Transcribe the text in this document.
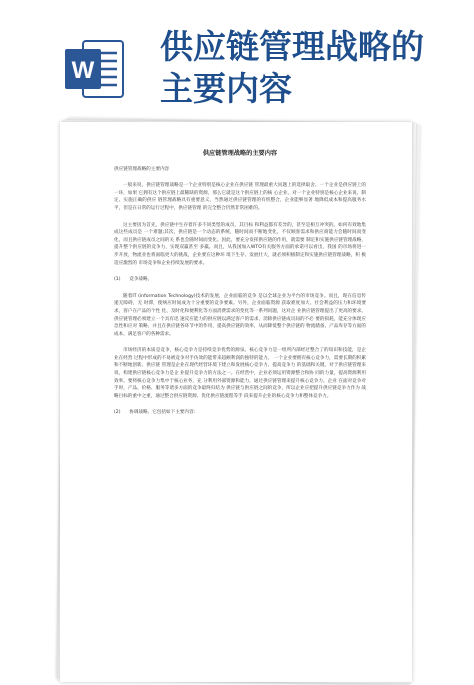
W
供应链管理战略的
主要内容
供应链管理战略的主要内容
供应链管理战略的主要内容

一般来说，供应链管理战略是一个企业特别是核心企业在供应链 管理最重大问题上的选择取舍。一个企业是供应链上的一环，如果 它拥有这个供应链上最稀缺的资源，那么它就是这个供应链上的核 心企业。对一个企业特别是核心企业来说，制定、实施正确的供应 链管理战略具有重要意义，当然通过供应链管理的有机整合，企业能够显著 地降低成本和提高服务水平，但是在日常的运行过程中，供应链管理 的完全整合仍然非常困难的。

这主要因为首先，供应链中生存着许多不同类型的成员，其目标 和利益都有差异的，甚至是相互冲突的。如何有效地集成这些成员是 一个难题;其次，供应链是一个动态的系统，随时间而不断地变化，不仅顾客需求和供应商能力会随时间而变化，而且供应链成员之间的关 系也会随时间而变化。因此，要充分发挥供应链的作用，就需要 制定和实施供应链管理战略，提升整个供应链的竞争力，实现双赢甚至 多赢。而且，从我国加入WTO有关服务方面的承诺可以看出，我国 的市场将进一步开放，物流业也将面临更大的挑战，企业要在这种环 境下生存、发展壮大，就必须积极制定和实施供应链管理战略，积 极适应激烈的 市场竞争和企业持续发展的要求。

(1)      竞争战略。

随着IT (information Technology)技术的发展，企业面临的竞争 是以全球企业为平台的市场竞争。而且，现在信息传递无障碍，无 时滞，使响应时间成为十分重要的竞争要素。另外，企业面临资源 获取难度加大、社会利益的压力和环境要求，客户在产品的个性 化、及时化和便利化等方面消费需求的变化等一系列问题，这对企 业供应链管理提出了更高的要求。供应链管理必须建立一个具有迅 速反应能力的供应链以满足客户的需求，消除供应链成员间的不必 要的损耗，能充分体现应急性和应对 策略，并且在供应链各环节中的作用，提高供应链的效率，从而降低整个供应链的 物流储备、产品库存等方面的成本，满足客户的各种需求。

市场经济的本质是竞争，核心竞争力是持续竞争优势的源泉。核心竞争力是一组所内部经过整合了的知识和技能，是企业在经营 过程中形成的不易被竞争对手仿效的能带来超额利润的独特的能力。 一个企业要拥有核心竞争力，需要长期的积累和不断地创新。供应链 管理是企业在现代经营环境下建立和发展核心竞争力、提高竞争力 的基础和关键。对于供应链管理来说，构建供应链核心竞争力是企 业提升竞争力的方法之一。在经营中，企业必须运用资源整合和协 同的力量，提高资源利用效率。要将核心竞争力集中于核心业务，充 分利用外部资源和能力，通过供应链管理来提升核心竞争力。企业 在面对竞争对手时，产品、价格、服务等诸多方面的竞争最终归结为 供应链与供应链之间的竞争，所以企业应把提升供应链竞争力作为 战略目标的重中之重，通过整合供应链资源、优化供应链流程等手 段来提升企业的核心竞争力和整体竞争力。

(2)      协调战略。它包括如下主要内容:
